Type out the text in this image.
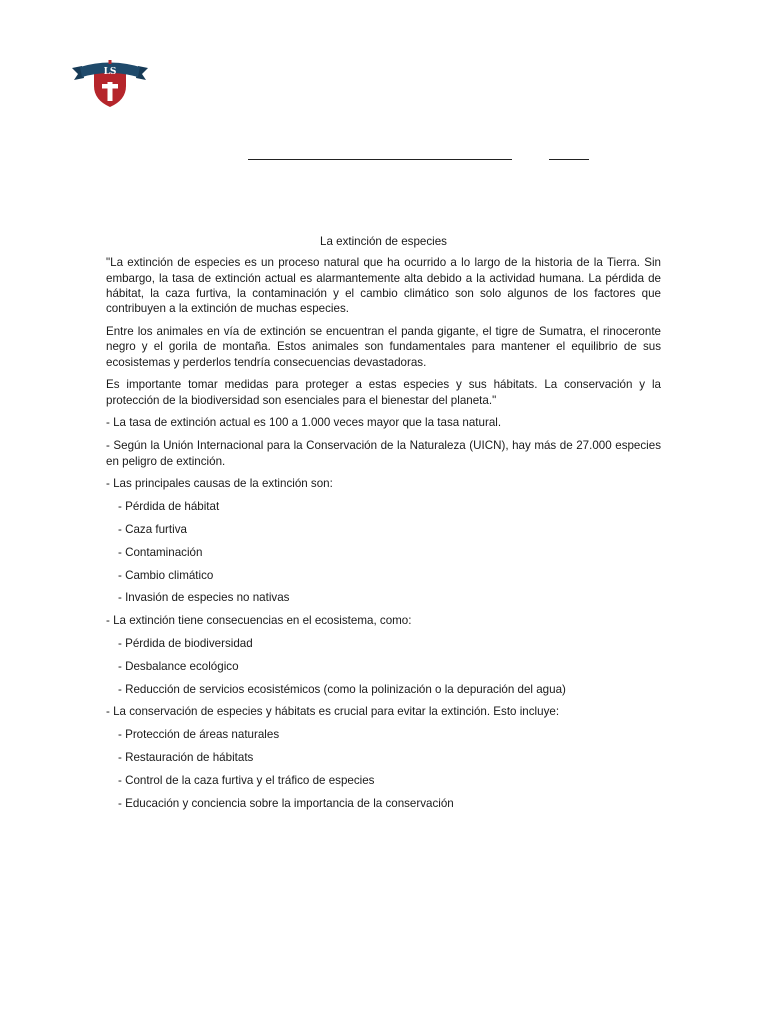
LS

La extinción de especies

"La extinción de especies es un proceso natural que ha ocurrido a lo largo de la historia de la Tierra. Sin embargo, la tasa de extinción actual es alarmantemente alta debido a la actividad humana. La pérdida de hábitat, la caza furtiva, la contaminación y el cambio climático son solo algunos de los factores que contribuyen a la extinción de muchas especies.

Entre los animales en vía de extinción se encuentran el panda gigante, el tigre de Sumatra, el rinoceronte negro y el gorila de montaña. Estos animales son fundamentales para mantener el equilibrio de sus ecosistemas y perderlos tendría consecuencias devastadoras.

Es importante tomar medidas para proteger a estas especies y sus hábitats. La conservación y la protección de la biodiversidad son esenciales para el bienestar del planeta."

- La tasa de extinción actual es 100 a 1.000 veces mayor que la tasa natural.

- Según la Unión Internacional para la Conservación de la Naturaleza (UICN), hay más de 27.000 especies en peligro de extinción.

- Las principales causas de la extinción son:

- Pérdida de hábitat

- Caza furtiva

- Contaminación

- Cambio climático

- Invasión de especies no nativas

- La extinción tiene consecuencias en el ecosistema, como:

- Pérdida de biodiversidad

- Desbalance ecológico

- Reducción de servicios ecosistémicos (como la polinización o la depuración del agua)

- La conservación de especies y hábitats es crucial para evitar la extinción. Esto incluye:

- Protección de áreas naturales

- Restauración de hábitats

- Control de la caza furtiva y el tráfico de especies

- Educación y conciencia sobre la importancia de la conservación
